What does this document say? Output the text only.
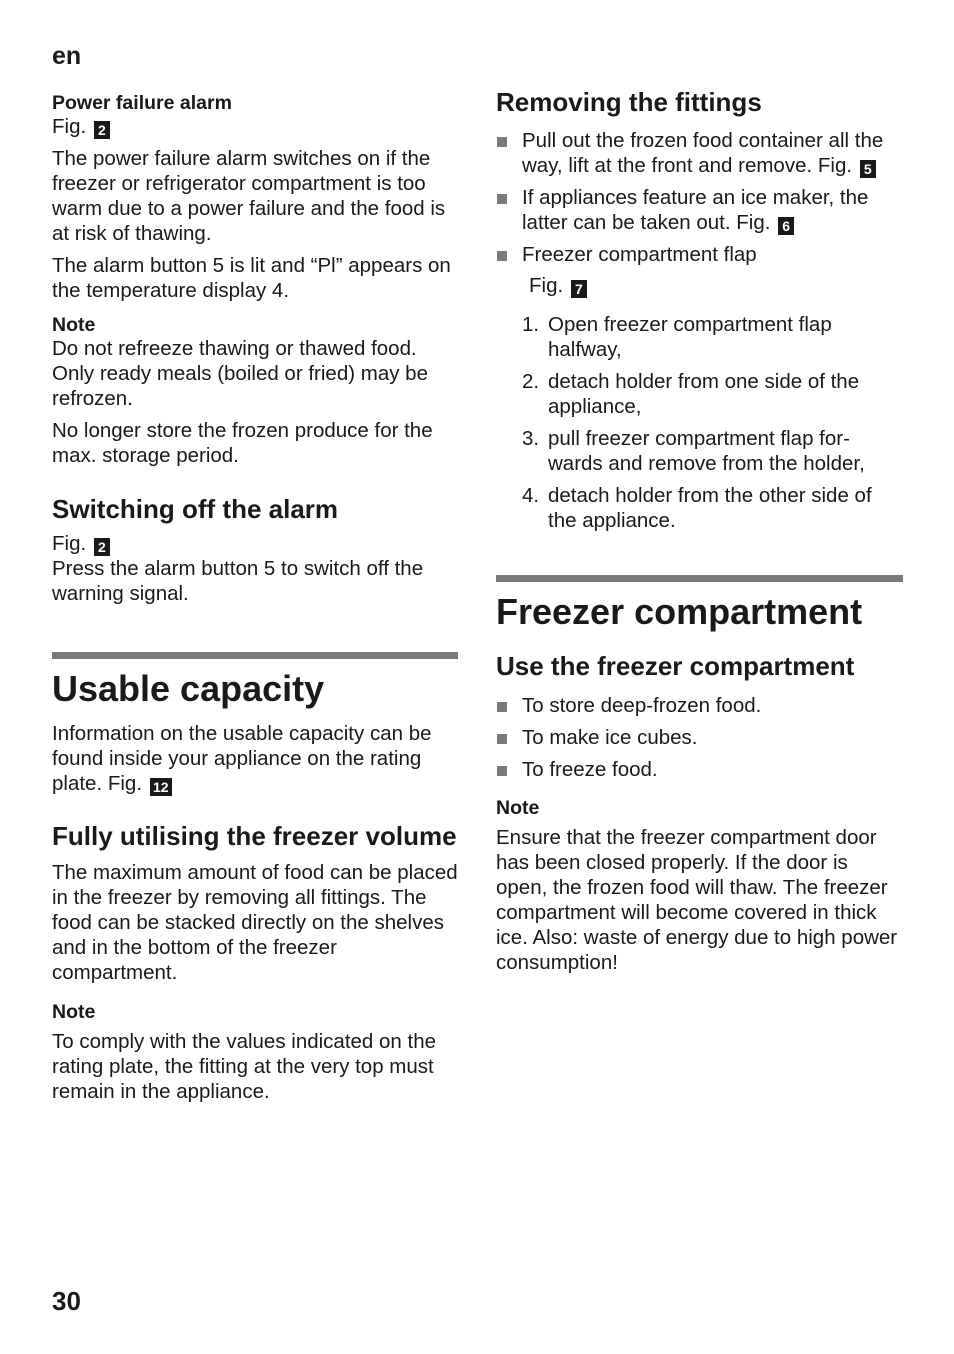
en

Power failure alarm

Fig. 2

The power failure alarm switches on if the freezer or refrigerator compartment is too warm due to a power failure and the food is at risk of thawing.

The alarm button 5 is lit and “Pl” appears on the temperature display 4.

Note

Do not refreeze thawing or thawed food. Only ready meals (boiled or fried) may be refrozen.

No longer store the frozen produce for the max. storage period.

Switching off the alarm

Fig. 2

Press the alarm button 5 to switch off the warning signal.

Usable capacity

Information on the usable capacity can be found inside your appliance on the rating plate. Fig. 12

Fully utilising the freezer volume

The maximum amount of food can be placed in the freezer by removing all fittings. The food can be stacked directly on the shelves and in the bottom of the freezer compartment.

Note

To comply with the values indicated on the rating plate, the fitting at the very top must remain in the appliance.

Removing the fittings

Pull out the frozen food container all the way, lift at the front and remove. Fig. 5
If appliances feature an ice maker, the latter can be taken out. Fig. 6
Freezer compartment flap

Fig. 7

1. Open freezer compartment flap halfway,
2. detach holder from one side of the appliance,
3. pull freezer compartment flap for-wards and remove from the holder,
4. detach holder from the other side of the appliance.

Freezer compartment

Use the freezer compartment

To store deep-frozen food.
To make ice cubes.
To freeze food.

Note

Ensure that the freezer compartment door has been closed properly. If the door is open, the frozen food will thaw. The freezer compartment will become covered in thick ice. Also: waste of energy due to high power consumption!

30
